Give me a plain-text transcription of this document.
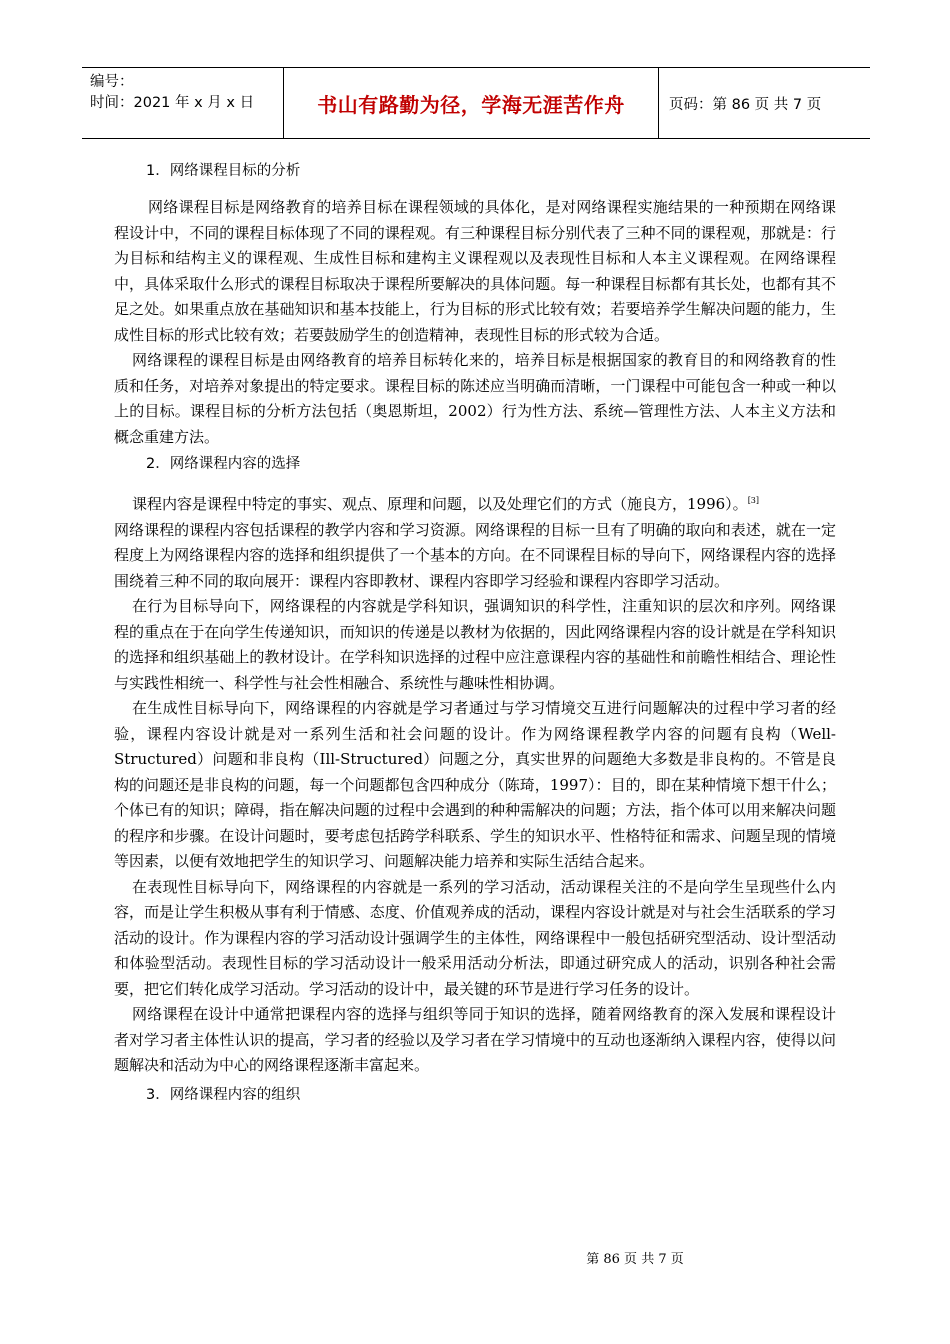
编号：
时间：2021 年 x 月 x 日	书山有路勤为径，学海无涯苦作舟	页码：第 86 页 共 7 页
1．网络课程目标的分析

网络课程目标是网络教育的培养目标在课程领域的具体化，是对网络课程实施结果的一种预期在网络课程设计中，不同的课程目标体现了不同的课程观。有三种课程目标分别代表了三种不同的课程观，那就是：行为目标和结构主义的课程观、生成性目标和建构主义课程观以及表现性目标和人本主义课程观。在网络课程中，具体采取什么形式的课程目标取决于课程所要解决的具体问题。每一种课程目标都有其长处，也都有其不足之处。如果重点放在基础知识和基本技能上，行为目标的形式比较有效；若要培养学生解决问题的能力，生成性目标的形式比较有效；若要鼓励学生的创造精神，表现性目标的形式较为合适。

网络课程的课程目标是由网络教育的培养目标转化来的，培养目标是根据国家的教育目的和网络教育的性质和任务，对培养对象提出的特定要求。课程目标的陈述应当明确而清晰，一门课程中可能包含一种或一种以上的目标。课程目标的分析方法包括（奥恩斯坦，2002）行为性方法、系统—管理性方法、人本主义方法和概念重建方法。

2．网络课程内容的选择

课程内容是课程中特定的事实、观点、原理和问题，以及处理它们的方式（施良方，1996）。[3]

网络课程的课程内容包括课程的教学内容和学习资源。网络课程的目标一旦有了明确的取向和表述，就在一定程度上为网络课程内容的选择和组织提供了一个基本的方向。在不同课程目标的导向下，网络课程内容的选择围绕着三种不同的取向展开：课程内容即教材、课程内容即学习经验和课程内容即学习活动。

在行为目标导向下，网络课程的内容就是学科知识，强调知识的科学性，注重知识的层次和序列。网络课程的重点在于在向学生传递知识，而知识的传递是以教材为依据的，因此网络课程内容的设计就是在学科知识的选择和组织基础上的教材设计。在学科知识选择的过程中应注意课程内容的基础性和前瞻性相结合、理论性与实践性相统一、科学性与社会性相融合、系统性与趣味性相协调。

在生成性目标导向下，网络课程的内容就是学习者通过与学习情境交互进行问题解决的过程中学习者的经验，课程内容设计就是对一系列生活和社会问题的设计。作为网络课程教学内容的问题有良构（Well-Structured）问题和非良构（Ill-Structured）问题之分，真实世界的问题绝大多数是非良构的。不管是良构的问题还是非良构的问题，每一个问题都包含四种成分（陈琦，1997）：目的，即在某种情境下想干什么；个体已有的知识；障碍，指在解决问题的过程中会遇到的种种需解决的问题；方法，指个体可以用来解决问题的程序和步骤。在设计问题时，要考虑包括跨学科联系、学生的知识水平、性格特征和需求、问题呈现的情境等因素，以便有效地把学生的知识学习、问题解决能力培养和实际生活结合起来。

在表现性目标导向下，网络课程的内容就是一系列的学习活动，活动课程关注的不是向学生呈现些什么内容，而是让学生积极从事有利于情感、态度、价值观养成的活动，课程内容设计就是对与社会生活联系的学习活动的设计。作为课程内容的学习活动设计强调学生的主体性，网络课程中一般包括研究型活动、设计型活动和体验型活动。表现性目标的学习活动设计一般采用活动分析法，即通过研究成人的活动，识别各种社会需要，把它们转化成学习活动。学习活动的设计中，最关键的环节是进行学习任务的设计。

网络课程在设计中通常把课程内容的选择与组织等同于知识的选择，随着网络教育的深入发展和课程设计者对学习者主体性认识的提高，学习者的经验以及学习者在学习情境中的互动也逐渐纳入课程内容，使得以问题解决和活动为中心的网络课程逐渐丰富起来。

3．网络课程内容的组织
第 86 页 共 7 页
